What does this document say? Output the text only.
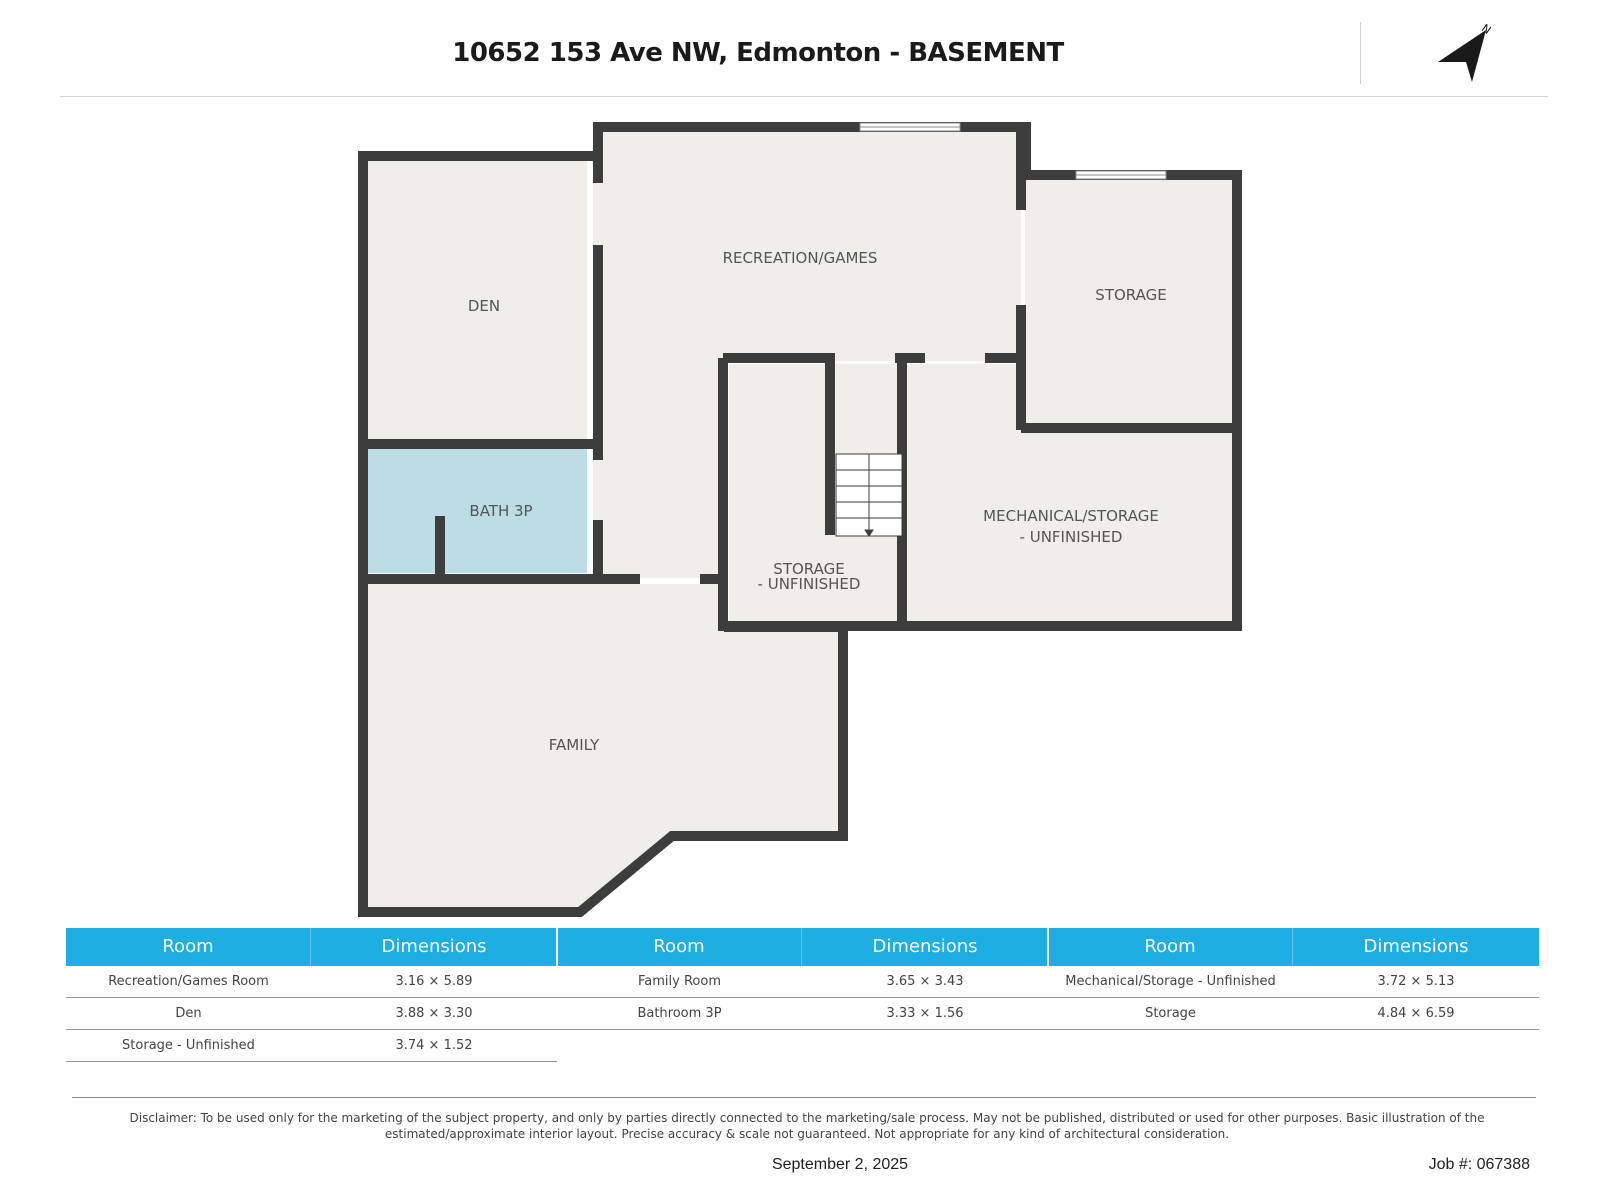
10652 153 Ave NW, Edmonton - BASEMENT
N
DEN
RECREATION/GAMES
STORAGE
BATH 3P
STORAGE
- UNFINISHED
MECHANICAL/STORAGE
- UNFINISHED
FAMILY
Room	Dimensions
Recreation/Games Room	3.16 × 5.89
Den	3.88 × 3.30
Storage - Unfinished	3.74 × 1.52
Room	Dimensions
Family Room	3.65 × 3.43
Bathroom 3P	3.33 × 1.56
Room	Dimensions
Mechanical/Storage - Unfinished	3.72 × 5.13
Storage	4.84 × 6.59
Disclaimer: To be used only for the marketing of the subject property, and only by parties directly connected to the marketing/sale process. May not be published, distributed or used for other purposes. Basic illustration of the estimated/approximate interior layout. Precise accuracy & scale not guaranteed. Not appropriate for any kind of architectural consideration.
September 2, 2025	Job #: 067388
